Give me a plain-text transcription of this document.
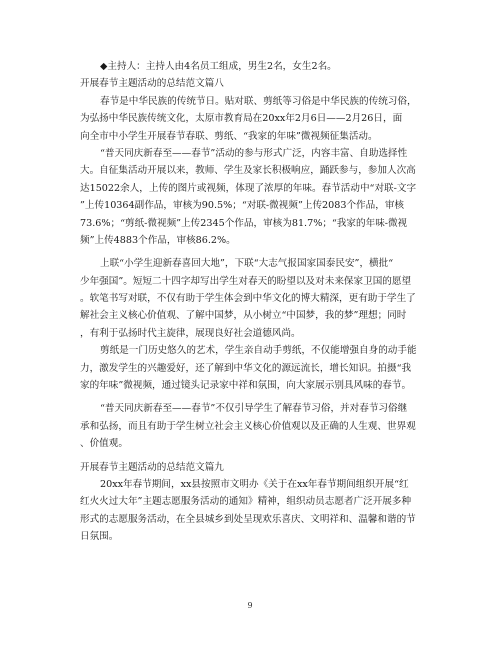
◆主持人：主持人由4名员工组成，男生2名，女生2名。
开展春节主题活动的总结范文篇八
春节是中华民族的传统节日。贴对联、剪纸等习俗是中华民族的传统习俗，
为弘扬中华民族传统文化，太原市教育局在20xx年2月6日——2月26日，面
向全市中小学生开展春节春联、剪纸、“我家的年味”微视频征集活动。
“普天同庆新春至——春节”活动的参与形式广泛，内容丰富、自助选择性
大。自征集活动开展以来，教师、学生及家长积极响应，踊跃参与，参加人次高
达15022余人，上传的图片或视频，体现了浓厚的年味。春节活动中“对联-文字
”上传10364副作品，审核为90.5%；“对联-微视频”上传2083个作品，审核
73.6%；“剪纸-微视频”上传2345个作品，审核为81.7%；“我家的年味-微视
频”上传4883个作品，审核86.2%。
上联“小学生迎新春喜回大地”，下联“大志气报国家国泰民安”，横批“
少年强国”。短短二十四字却写出学生对春天的盼望以及对未来保家卫国的愿望
。软笔书写对联，不仅有助于学生体会到中华文化的博大精深，更有助于学生了
解社会主义核心价值观、了解中国梦，从小树立“中国梦，我的梦”理想；同时
，有利于弘扬时代主旋律，展现良好社会道德风尚。
剪纸是一门历史悠久的艺术，学生亲自动手剪纸，不仅能增强自身的动手能
力，激发学生的兴趣爱好，还了解到中华文化的源远流长，增长知识。拍摄“我
家的年味”微视频，通过镜头记录家中祥和氛围，向大家展示别具风味的春节。
“普天同庆新春至——春节”不仅引导学生了解春节习俗，并对春节习俗继
承和弘扬，而且有助于学生树立社会主义核心价值观以及正确的人生观、世界观
、价值观。
开展春节主题活动的总结范文篇九
20xx年春节期间，xx县按照市文明办《关于在xx年春节期间组织开展“红
红火火过大年”主题志愿服务活动的通知》精神，组织动员志愿者广泛开展多种
形式的志愿服务活动，在全县城乡到处呈现欢乐喜庆、文明祥和、温馨和谐的节
日氛围。
9
